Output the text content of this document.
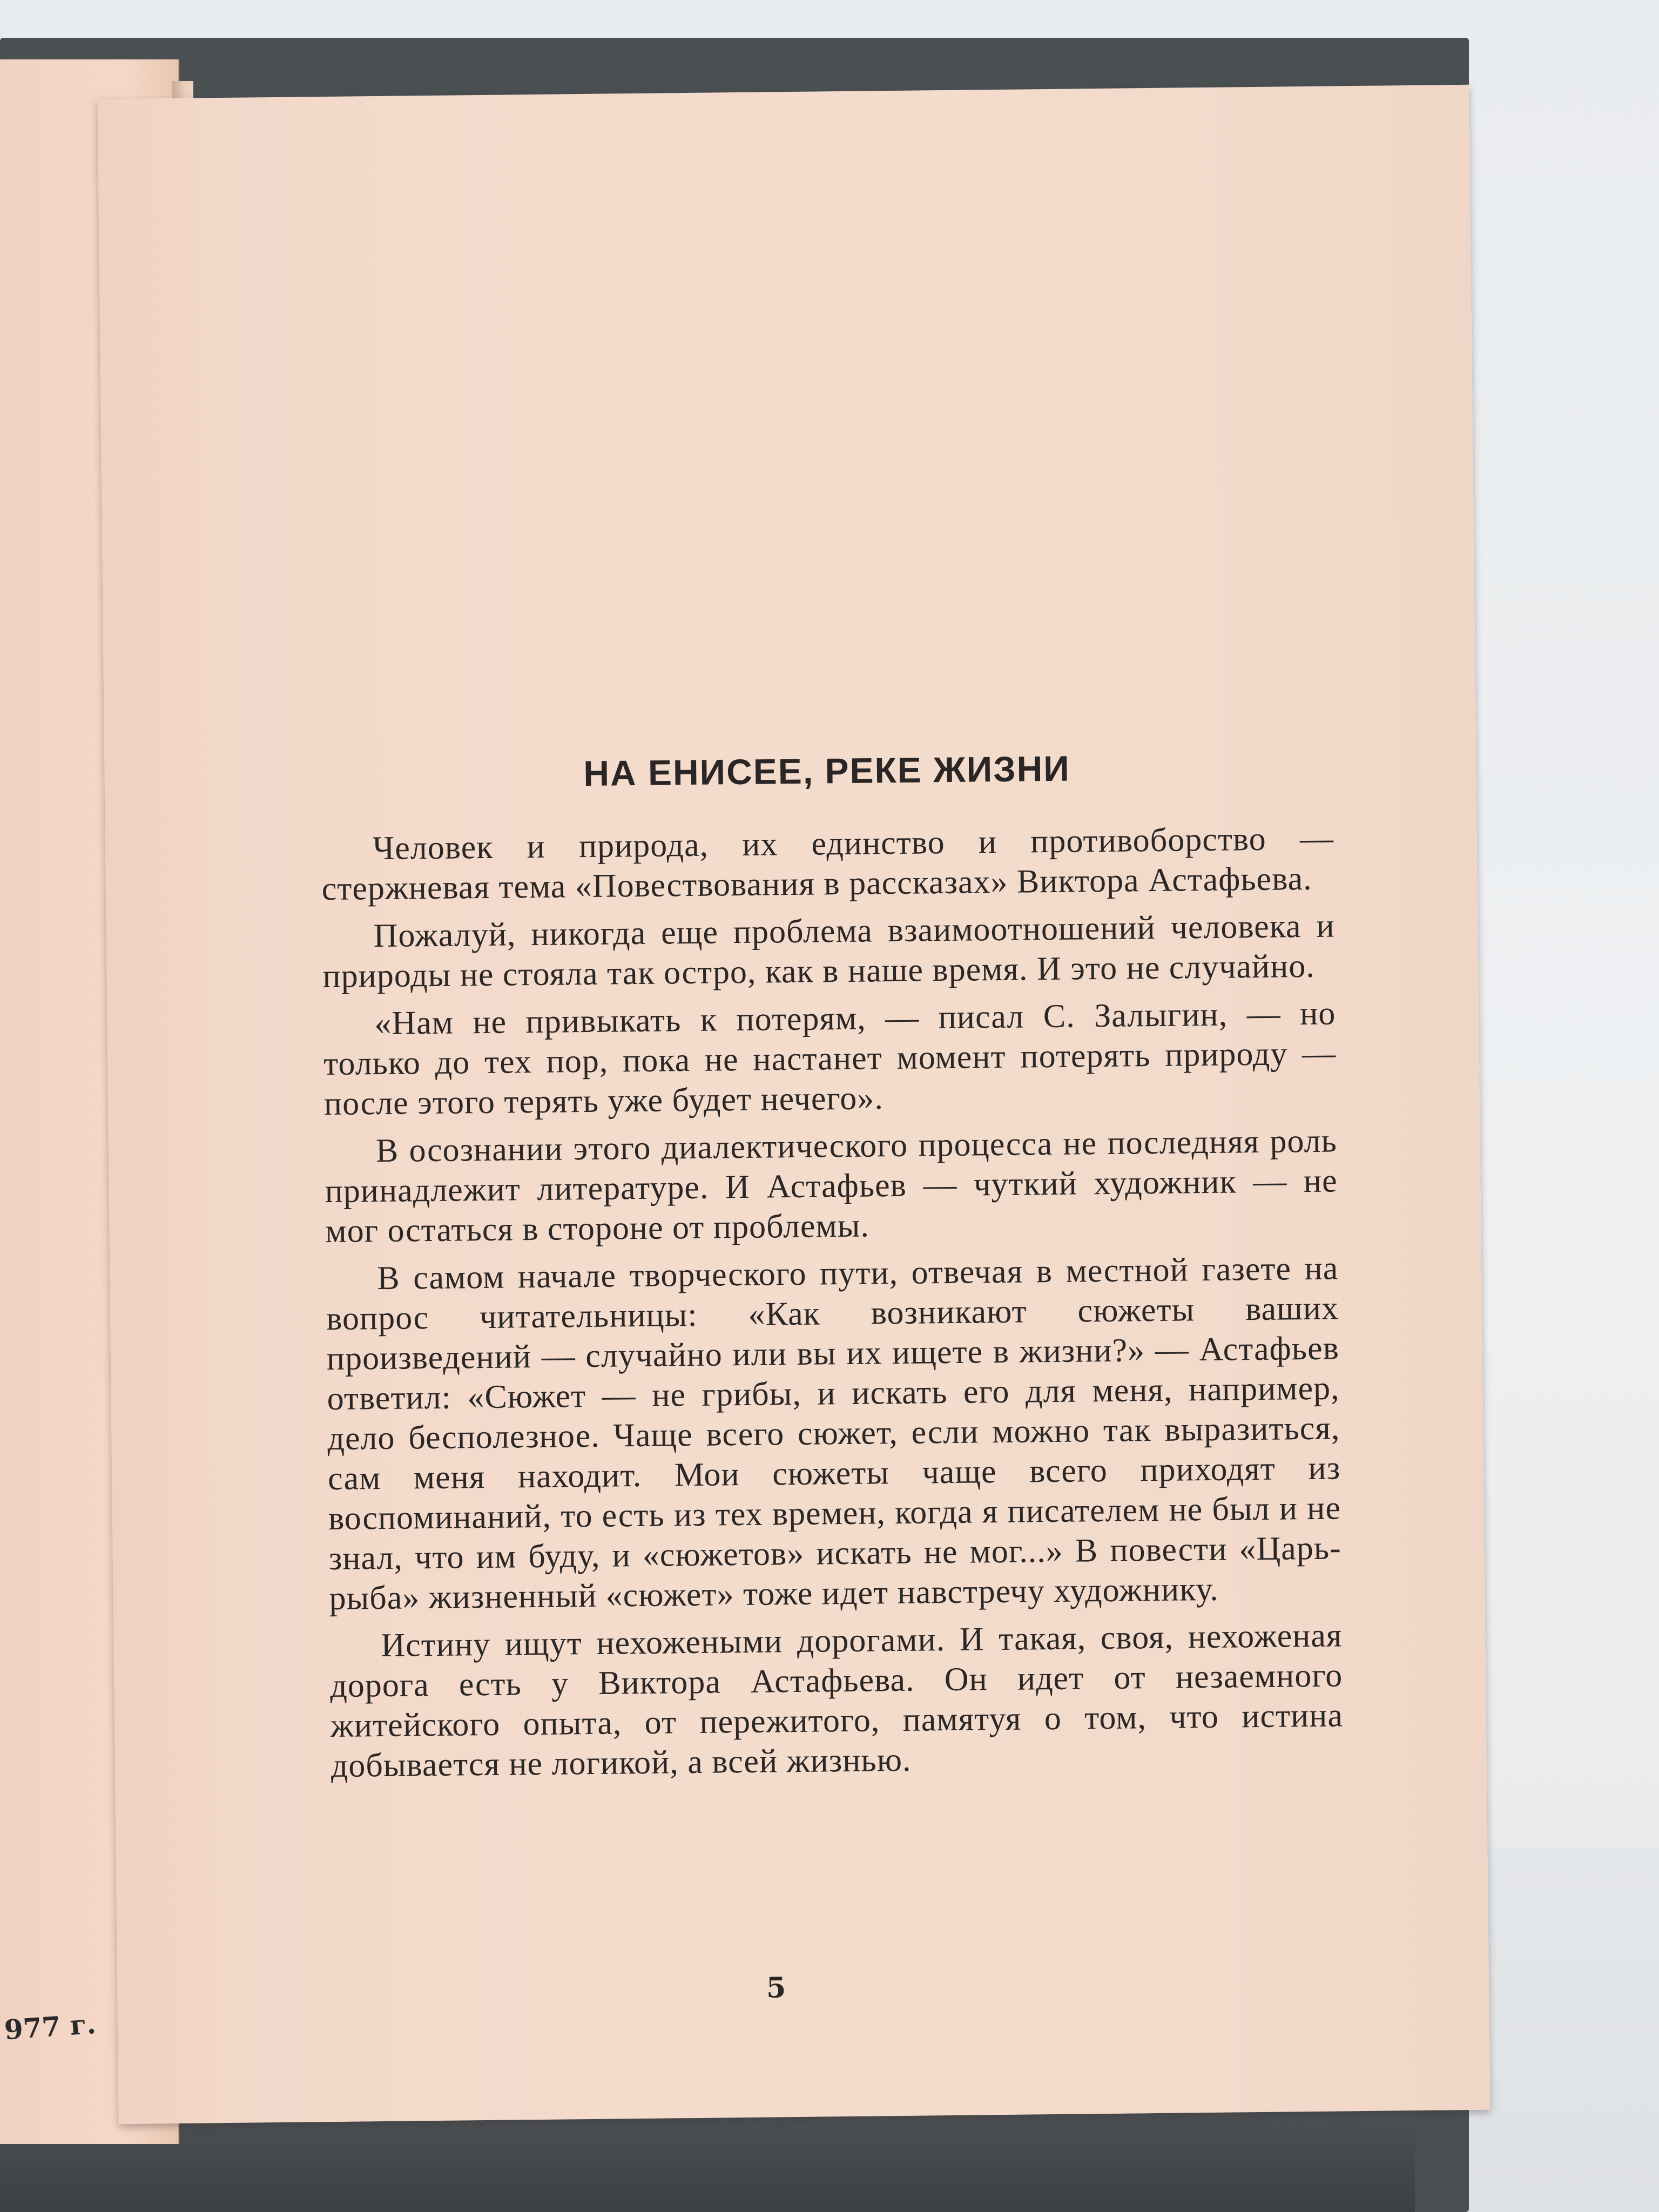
977 г.
НА ЕНИСЕЕ, РЕКЕ ЖИЗНИ

Человек и природа, их единство и противоборство — стержневая тема «Повествования в рассказах» Виктора Астафьева.

Пожалуй, никогда еще проблема взаимоотношений человека и природы не стояла так остро, как в наше время. И это не случайно.

«Нам не привыкать к потерям, — писал С. Залыгин, — но только до тех пор, пока не настанет момент потерять природу — после этого терять уже будет нечего».

В осознании этого диалектического процесса не последняя роль принадлежит литературе. И Астафьев — чуткий художник — не мог остаться в стороне от проблемы.

В самом начале творческого пути, отвечая в местной газете на вопрос читательницы: «Как возникают сюжеты ваших произведений — случайно или вы их ищете в жизни?» — Астафьев ответил: «Сюжет — не грибы, и искать его для меня, например, дело бесполезное. Чаще всего сюжет, если можно так выразиться, сам меня находит. Мои сюжеты чаще всего приходят из воспоминаний, то есть из тех времен, когда я писателем не был и не знал, что им буду, и «сюжетов» искать не мог...» В повести «Царь-рыба» жизненный «сюжет» тоже идет навстречу художнику.

Истину ищут нехожеными дорогами. И такая, своя, нехоженая дорога есть у Виктора Астафьева. Он идет от незаемного житейского опыта, от пережитого, памятуя о том, что истина добывается не логикой, а всей жизнью.

5
